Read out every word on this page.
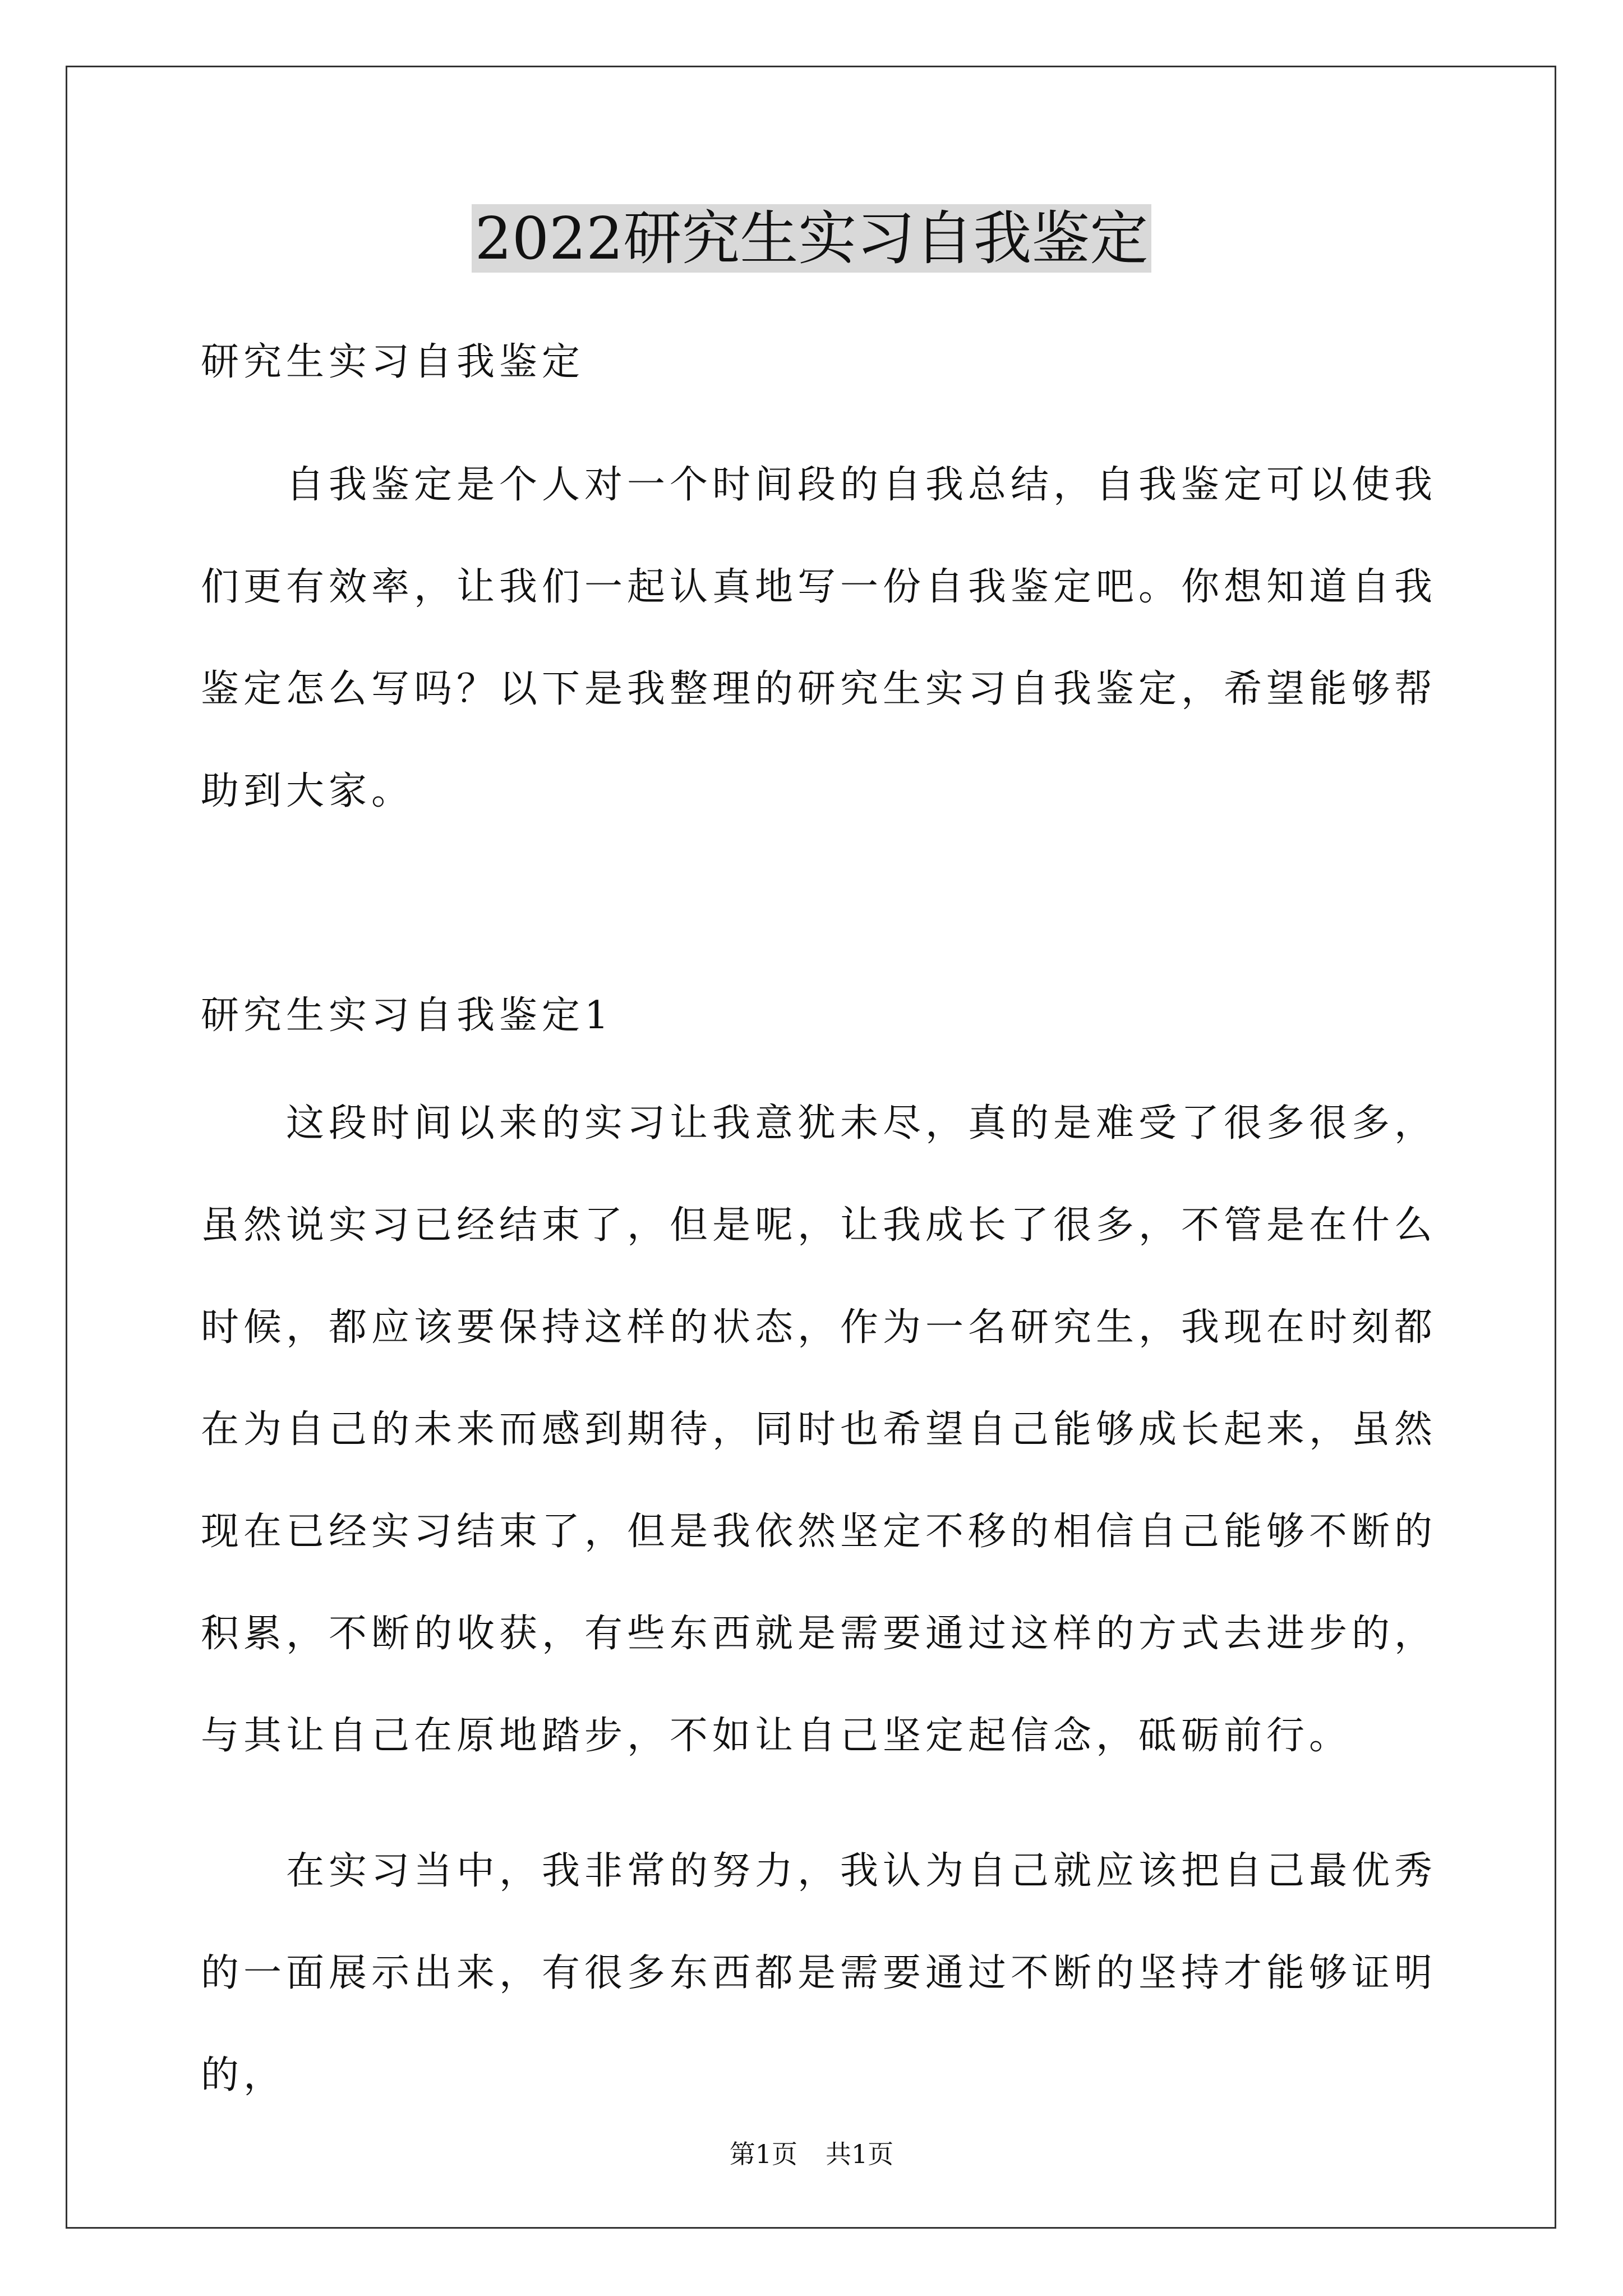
2022研究生实习自我鉴定

研究生实习自我鉴定

自我鉴定是个人对一个时间段的自我总结，自我鉴定可以使我们更有效率，让我们一起认真地写一份自我鉴定吧。你想知道自我鉴定怎么写吗？以下是我整理的研究生实习自我鉴定，希望能够帮助到大家。

研究生实习自我鉴定1

这段时间以来的实习让我意犹未尽，真的是难受了很多很多，虽然说实习已经结束了，但是呢，让我成长了很多，不管是在什么时候，都应该要保持这样的状态，作为一名研究生，我现在时刻都在为自己的未来而感到期待，同时也希望自己能够成长起来，虽然现在已经实习结束了，但是我依然坚定不移的相信自己能够不断的积累，不断的收获，有些东西就是需要通过这样的方式去进步的，与其让自己在原地踏步，不如让自己坚定起信念，砥砺前行。

在实习当中，我非常的努力，我认为自己就应该把自己最优秀的一面展示出来，有很多东西都是需要通过不断的坚持才能够证明的，

第1页 共1页
